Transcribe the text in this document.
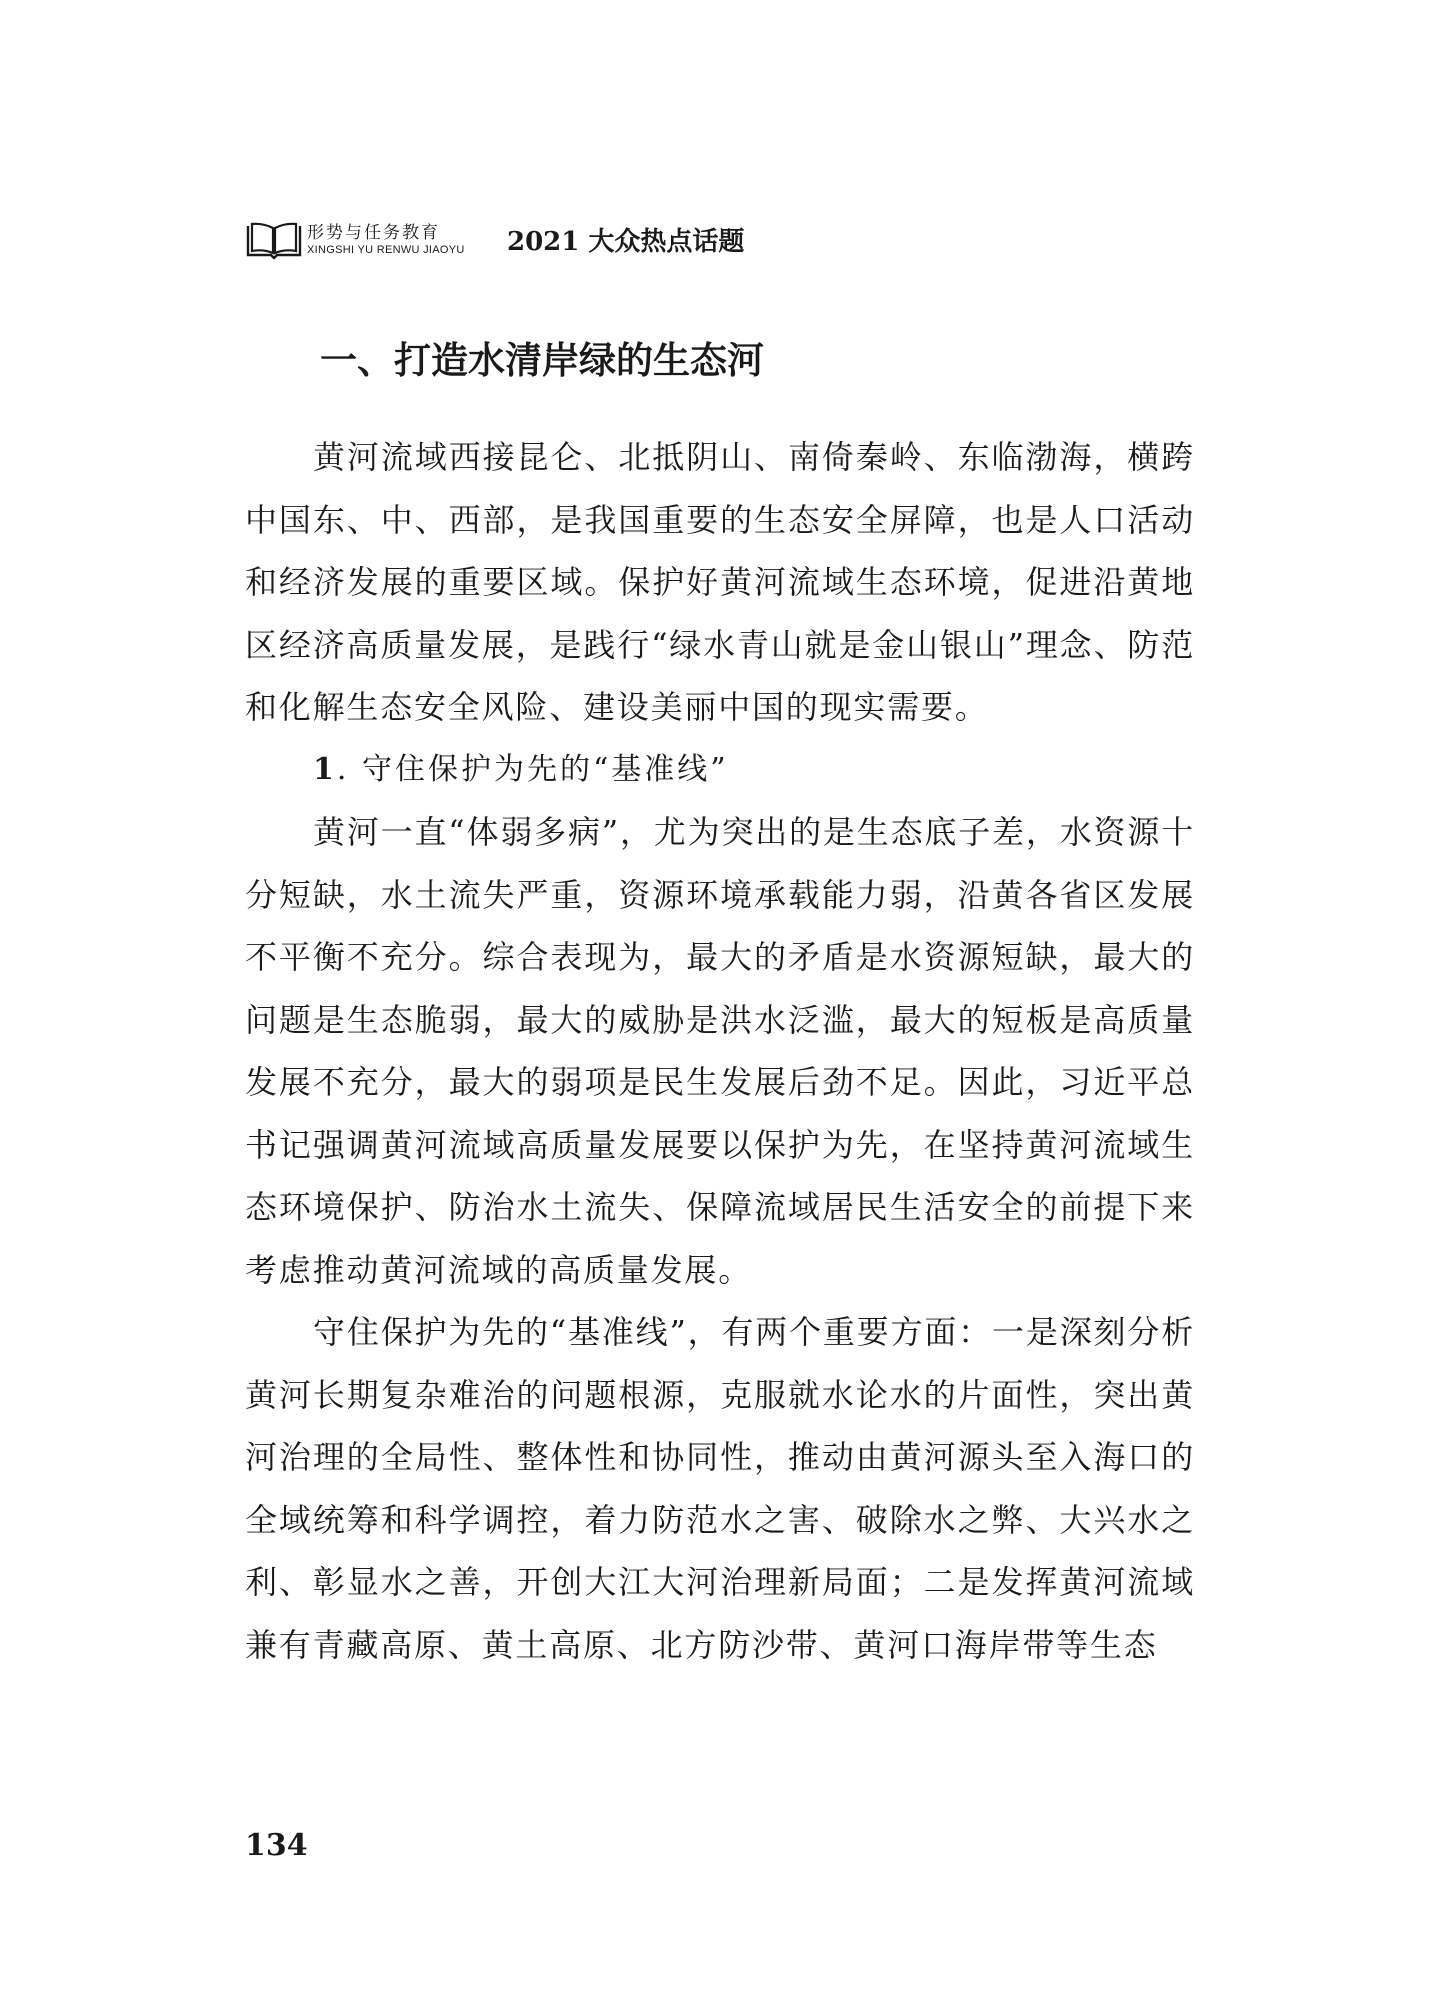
形势与任务教育
XINGSHI YU RENWU JIAOYU	2021 大众热点话题
一、打造水清岸绿的生态河

黄河流域西接昆仑、北抵阴山、南倚秦岭、东临渤海，横跨中国东、中、西部，是我国重要的生态安全屏障，也是人口活动和经济发展的重要区域。保护好黄河流域生态环境，促进沿黄地区经济高质量发展，是践行“绿水青山就是金山银山”理念、防范和化解生态安全风险、建设美丽中国的现实需要。

1. 守住保护为先的“基准线”

黄河一直“体弱多病”，尤为突出的是生态底子差，水资源十分短缺，水土流失严重，资源环境承载能力弱，沿黄各省区发展不平衡不充分。综合表现为，最大的矛盾是水资源短缺，最大的问题是生态脆弱，最大的威胁是洪水泛滥，最大的短板是高质量发展不充分，最大的弱项是民生发展后劲不足。因此，习近平总书记强调黄河流域高质量发展要以保护为先，在坚持黄河流域生态环境保护、防治水土流失、保障流域居民生活安全的前提下来考虑推动黄河流域的高质量发展。

守住保护为先的“基准线”，有两个重要方面：一是深刻分析黄河长期复杂难治的问题根源，克服就水论水的片面性，突出黄河治理的全局性、整体性和协同性，推动由黄河源头至入海口的全域统筹和科学调控，着力防范水之害、破除水之弊、大兴水之利、彰显水之善，开创大江大河治理新局面；二是发挥黄河流域兼有青藏高原、黄土高原、北方防沙带、黄河口海岸带等生态

134
